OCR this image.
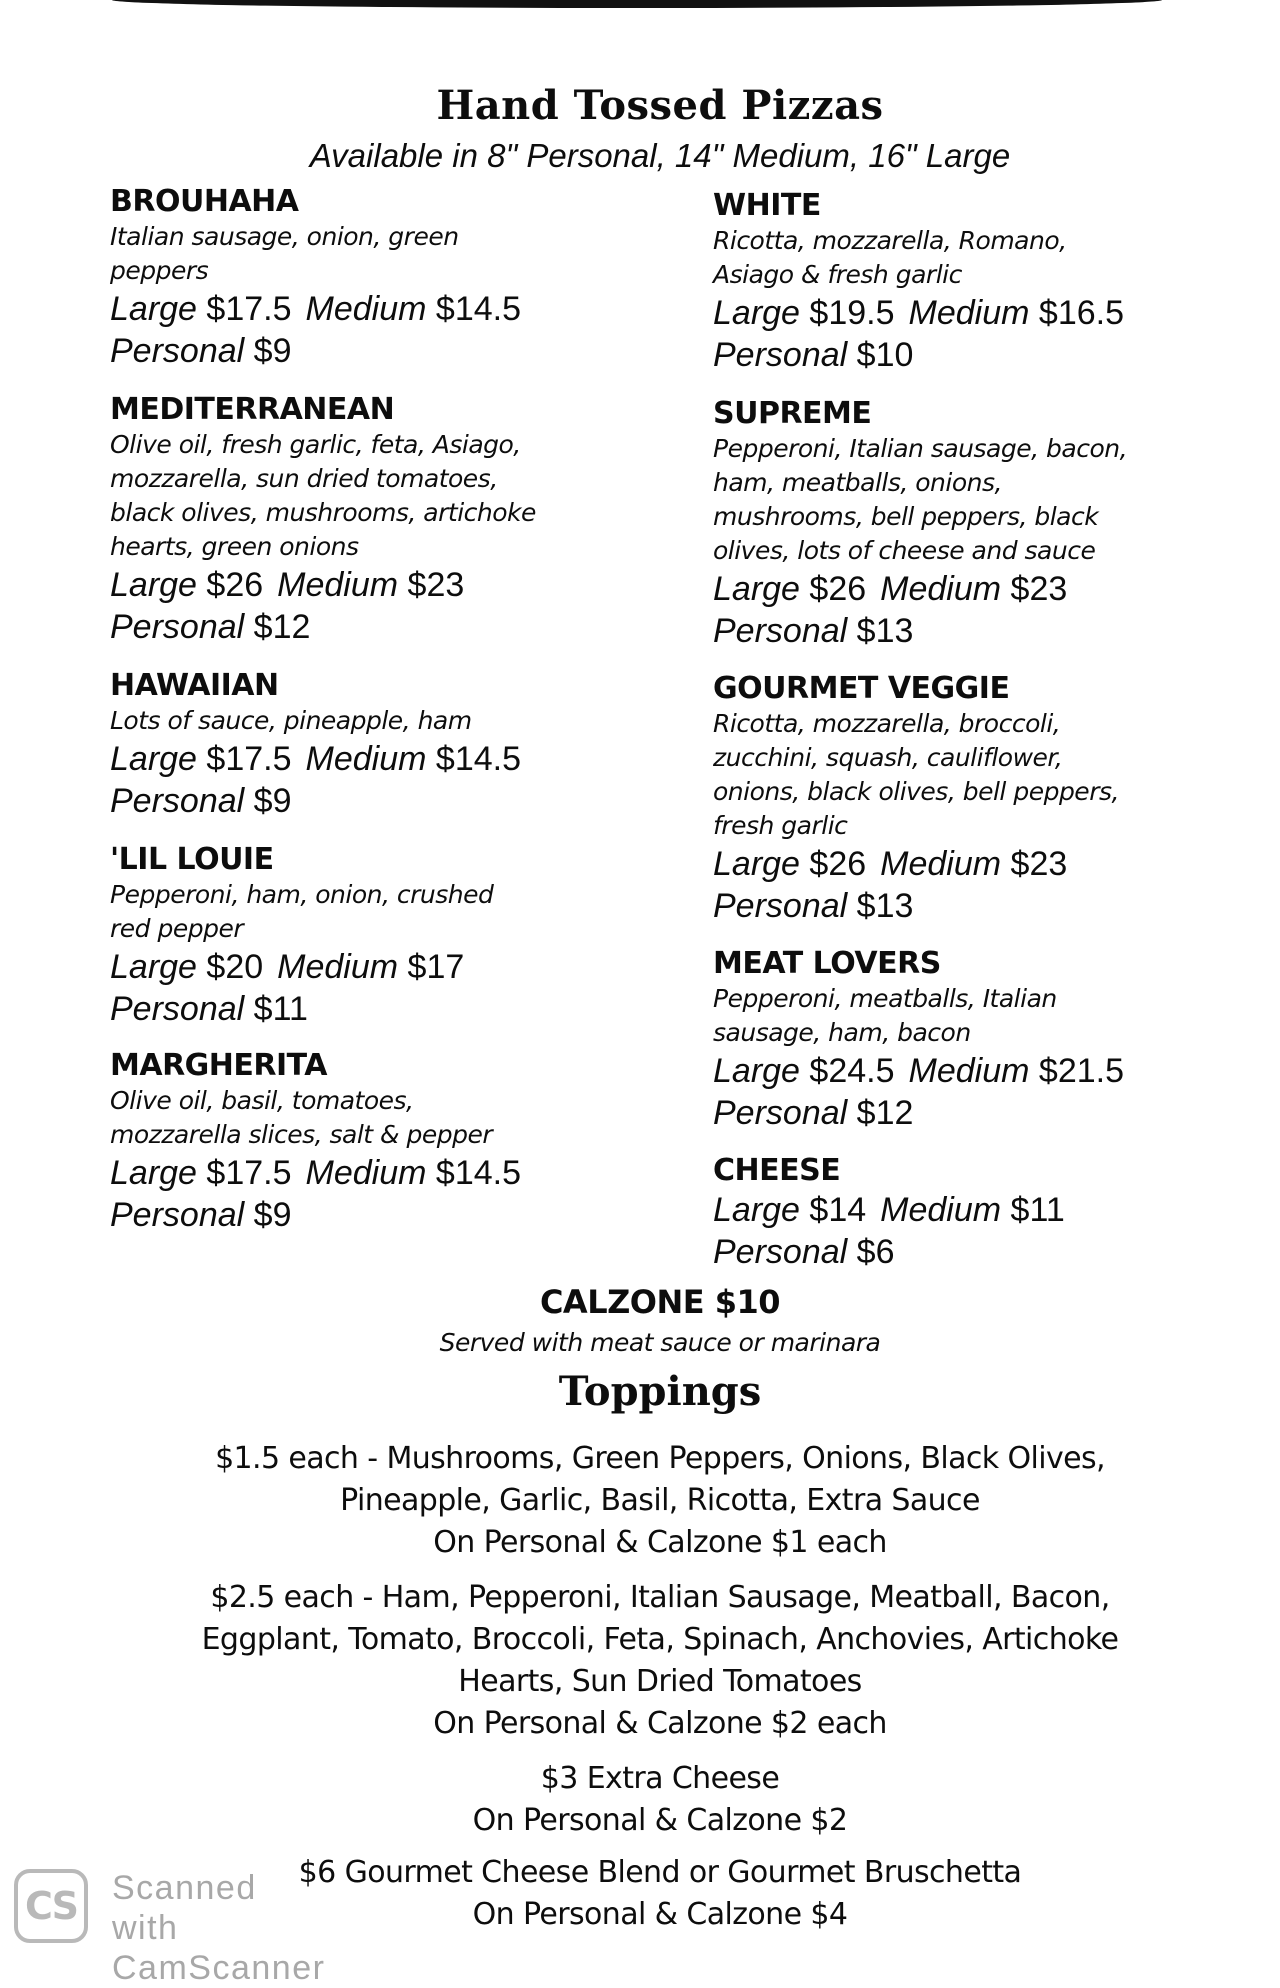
Hand Tossed Pizzas
Available in 8" Personal, 14" Medium, 16" Large
BROUHAHA
Italian sausage, onion, green
peppers
Large $17.5 Medium $14.5
Personal $9
MEDITERRANEAN
Olive oil, fresh garlic, feta, Asiago,
mozzarella, sun dried tomatoes,
black olives, mushrooms, artichoke
hearts, green onions
Large $26 Medium $23
Personal $12
HAWAIIAN
Lots of sauce, pineapple, ham
Large $17.5 Medium $14.5
Personal $9
'LIL LOUIE
Pepperoni, ham, onion, crushed
red pepper
Large $20 Medium $17
Personal $11
MARGHERITA
Olive oil, basil, tomatoes,
mozzarella slices, salt & pepper
Large $17.5 Medium $14.5
Personal $9
WHITE
Ricotta, mozzarella, Romano,
Asiago & fresh garlic
Large $19.5 Medium $16.5
Personal $10
SUPREME
Pepperoni, Italian sausage, bacon,
ham, meatballs, onions,
mushrooms, bell peppers, black
olives, lots of cheese and sauce
Large $26 Medium $23
Personal $13
GOURMET VEGGIE
Ricotta, mozzarella, broccoli,
zucchini, squash, cauliflower,
onions, black olives, bell peppers,
fresh garlic
Large $26 Medium $23
Personal $13
MEAT LOVERS
Pepperoni, meatballs, Italian
sausage, ham, bacon
Large $24.5 Medium $21.5
Personal $12
CHEESE
Large $14 Medium $11
Personal $6
CALZONE $10
Served with meat sauce or marinara
Toppings
$1.5 each - Mushrooms, Green Peppers, Onions, Black Olives,
Pineapple, Garlic, Basil, Ricotta, Extra Sauce
On Personal & Calzone $1 each
$2.5 each - Ham, Pepperoni, Italian Sausage, Meatball, Bacon,
Eggplant, Tomato, Broccoli, Feta, Spinach, Anchovies, Artichoke
Hearts, Sun Dried Tomatoes
On Personal & Calzone $2 each
$3 Extra Cheese
On Personal & Calzone $2
$6 Gourmet Cheese Blend or Gourmet Bruschetta
On Personal & Calzone $4
CS	Scanned with
CamScanner
